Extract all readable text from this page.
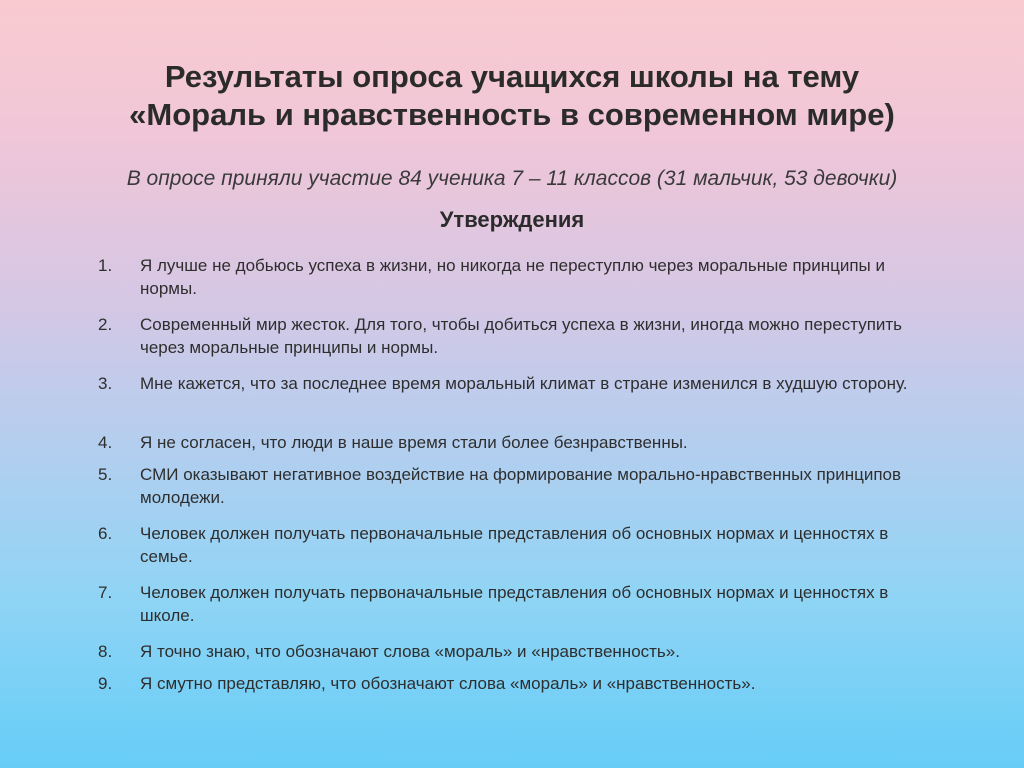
Результаты опроса учащихся школы на тему
«Мораль и нравственность в современном мире)

В опросе приняли участие 84 ученика 7 – 11 классов (31 мальчик, 53 девочки)

Утверждения
1.	Я лучше не добьюсь успеха в жизни, но никогда не переступлю через моральные принципы и нормы.
2.	Современный мир жесток. Для того, чтобы добиться успеха в жизни, иногда можно переступить через моральные принципы и нормы.
3.	Мне кажется, что за последнее время моральный климат в стране изменился в худшую сторону.
4.	Я не согласен, что люди в наше время стали более безнравственны.
5.	СМИ оказывают негативное воздействие на формирование морально-нравственных принципов молодежи.
6.	Человек должен получать первоначальные представления об основных нормах и ценностях в семье.
7.	Человек должен получать первоначальные представления об основных нормах и ценностях в школе.
8.	Я точно знаю, что обозначают слова «мораль» и «нравственность».
9.	Я смутно представляю, что обозначают слова «мораль» и «нравственность».
